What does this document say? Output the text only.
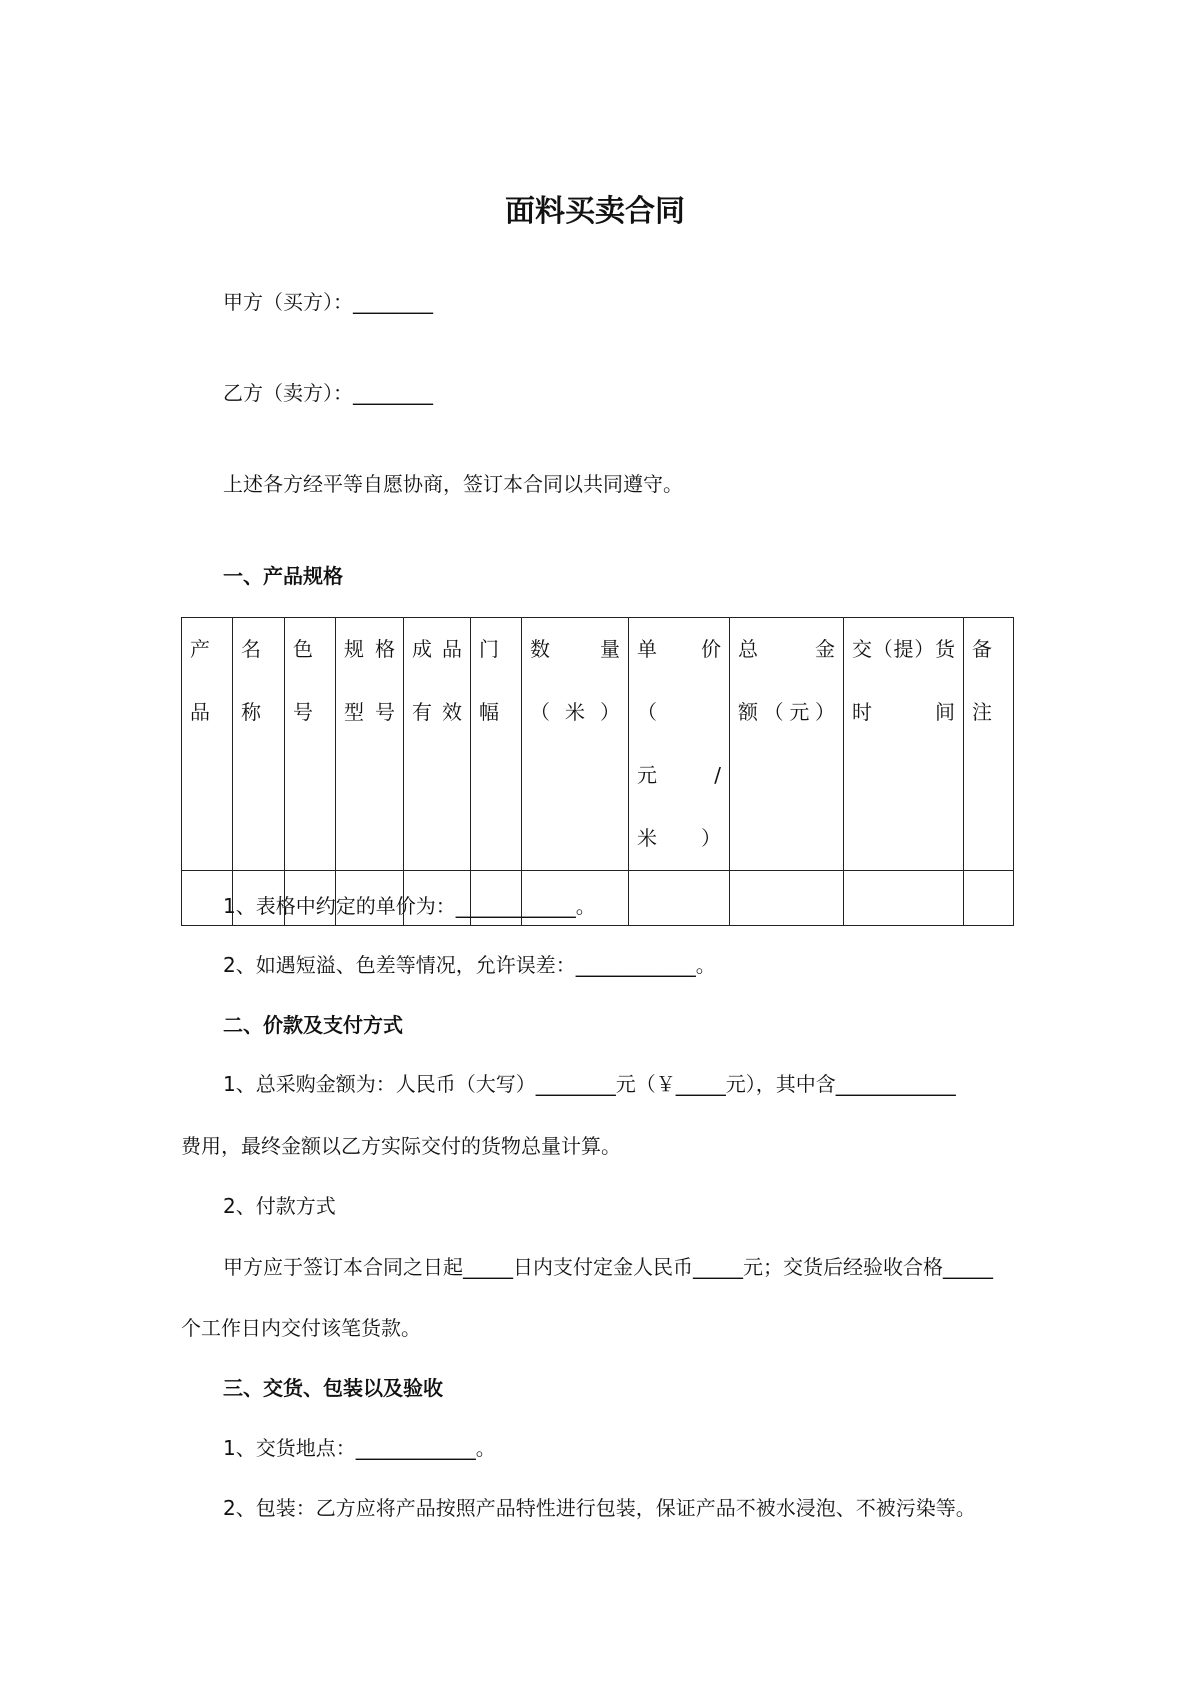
面料买卖合同
甲方（买方）：________
乙方（卖方）：________
上述各方经平等自愿协商，签订本合同以共同遵守。
一、产品规格
产品	名称	色号	规格型号	成品有效	门幅	数　　量（米）	单　　价（　元　/　米）	总　金　额（元）	交（提）货时间	备注

1、表格中约定的单价为：____________。
2、如遇短溢、色差等情况，允许误差：____________。
二、价款及支付方式
1、总采购金额为：人民币（大写）________元（￥_____元），其中含____________
费用，最终金额以乙方实际交付的货物总量计算。
2、付款方式
甲方应于签订本合同之日起_____日内支付定金人民币_____元；交货后经验收合格_____
个工作日内交付该笔货款。
三、交货、包装以及验收
1、交货地点：____________。
2、包装：乙方应将产品按照产品特性进行包装，保证产品不被水浸泡、不被污染等。
